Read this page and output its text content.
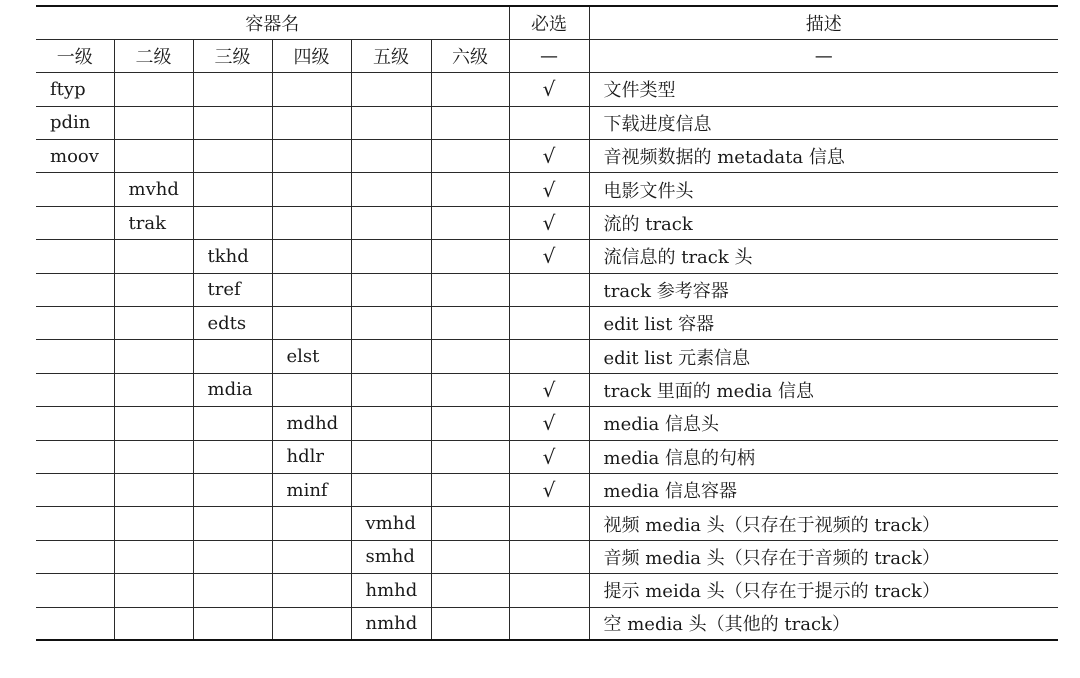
容器名						必选	描述
一级	二级	三级	四级	五级	六级	—	—
ftyp						√	文件类型
pdin							下载进度信息
moov						√	音视频数据的 metadata 信息
	mvhd					√	电影文件头
	trak					√	流的 track
		tkhd				√	流信息的 track 头
		tref					track 参考容器
		edts					edit list 容器
			elst				edit list 元素信息
		mdia				√	track 里面的 media 信息
			mdhd			√	media 信息头
			hdlr			√	media 信息的句柄
			minf			√	media 信息容器
				vmhd			视频 media 头（只存在于视频的 track）
				smhd			音频 media 头（只存在于音频的 track）
				hmhd			提示 meida 头（只存在于提示的 track）
				nmhd			空 media 头（其他的 track）
